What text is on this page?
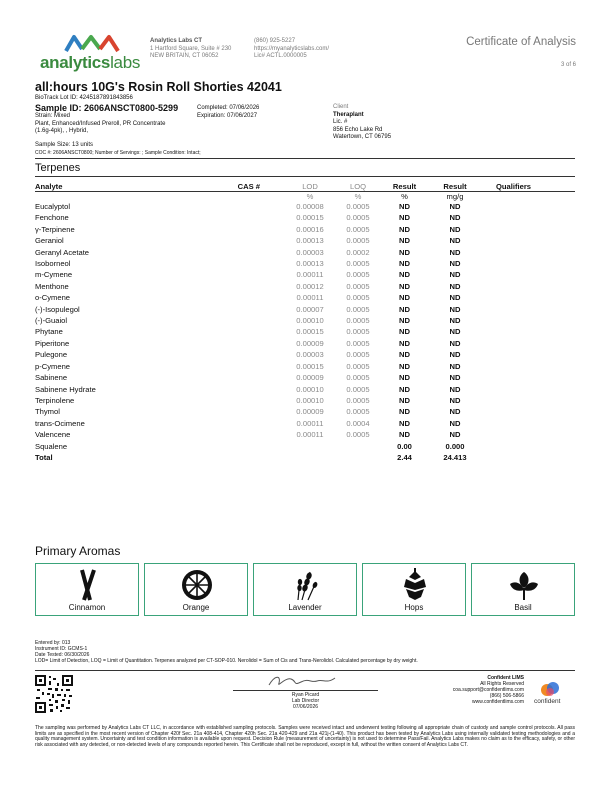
analyticslabs
Analytics Labs CT
1 Hartford Square, Suite # 230
NEW BRITAIN, CT 06052
(860) 925-5227
https://myanalyticslabs.com/
Lic# ACTL.0000005
Certificate of Analysis
3 of 6
all:hours 10G's Rosin Roll Shorties 42041
BioTrack Lot ID: 4245187891843856
Sample ID: 2606ANSCT0800-5299
Strain: Mixed
Plant, Enhanced/Infused Preroll, PR Concentrate
(1.6g-4pk), , Hybrid,
Completed: 07/06/2026
Expiration: 07/06/2027
Client
Theraplant
Lic. #
856 Echo Lake Rd
Watertown, CT 06795
Sample Size: 13 units
COC #: 2606ANSCT0800; Number of Servings: ; Sample Condition: Intact;
Terpenes
Analyte	CAS #	LOD	LOQ	Result	Result	Qualifiers
		%	%	%	mg/g	
Eucalyptol		0.00008	0.0005	ND	ND	
Fenchone		0.00015	0.0005	ND	ND	
γ-Terpinene		0.00016	0.0005	ND	ND	
Geraniol		0.00013	0.0005	ND	ND	
Geranyl Acetate		0.00003	0.0002	ND	ND	
Isoborneol		0.00013	0.0005	ND	ND	
m-Cymene		0.00011	0.0005	ND	ND	
Menthone		0.00012	0.0005	ND	ND	
o-Cymene		0.00011	0.0005	ND	ND	
(-)-Isopulegol		0.00007	0.0005	ND	ND	
(-)-Guaiol		0.00010	0.0005	ND	ND	
Phytane		0.00015	0.0005	ND	ND	
Piperitone		0.00009	0.0005	ND	ND	
Pulegone		0.00003	0.0005	ND	ND	
p-Cymene		0.00015	0.0005	ND	ND	
Sabinene		0.00009	0.0005	ND	ND	
Sabinene Hydrate		0.00010	0.0005	ND	ND	
Terpinolene		0.00010	0.0005	ND	ND	
Thymol		0.00009	0.0005	ND	ND	
trans-Ocimene		0.00011	0.0004	ND	ND	
Valencene		0.00011	0.0005	ND	ND	
Squalene				0.00	0.000	
Total				2.44	24.413	
Primary Aromas
Cinnamon	Orange	Lavender	Hops	Basil
Entered by: 013
Instrument ID: GCMS-1
Date Tested: 06/30/2026
LOD= Limit of Detection, LOQ = Limit of Quantitation. Terpenes analyzed per CT-SOP-010. Nerolidol = Sum of Cis and Trans-Nerolidol. Calculated percentage by dry weight.
Ryan Picard
Lab Director
07/06/2026
Confident LIMS
All Rights Reserved
coa.support@confidentlims.com
(866) 506-5866
www.confidentlims.com confident
The sampling was performed by Analytics Labs CT LLC, in accordance with established sampling protocols. Samples were received intact and underwent testing following all appropriate chain of custody and sample control protocols. All pass limits are as specified in the most recent version of Chapter 420f Sec. 21a 408-414, Chapter 420h Sec. 21a 420-429 and 21a 421j-(1-40). This product has been tested by Analytics Labs using internally validated testing methodologies and a quality management system. Uncertainty and test condition information is available upon request. Decision Rule (measurement of uncertainty) is not used to determine Pass/Fail. Analytics Labs makes no claim as to the efficacy, safety, or other risk associated with any detected, or non-detected levels of any compounds reported herein. This Certificate shall not be reproduced, except in full, without the written consent of Analytics Labs CT.
